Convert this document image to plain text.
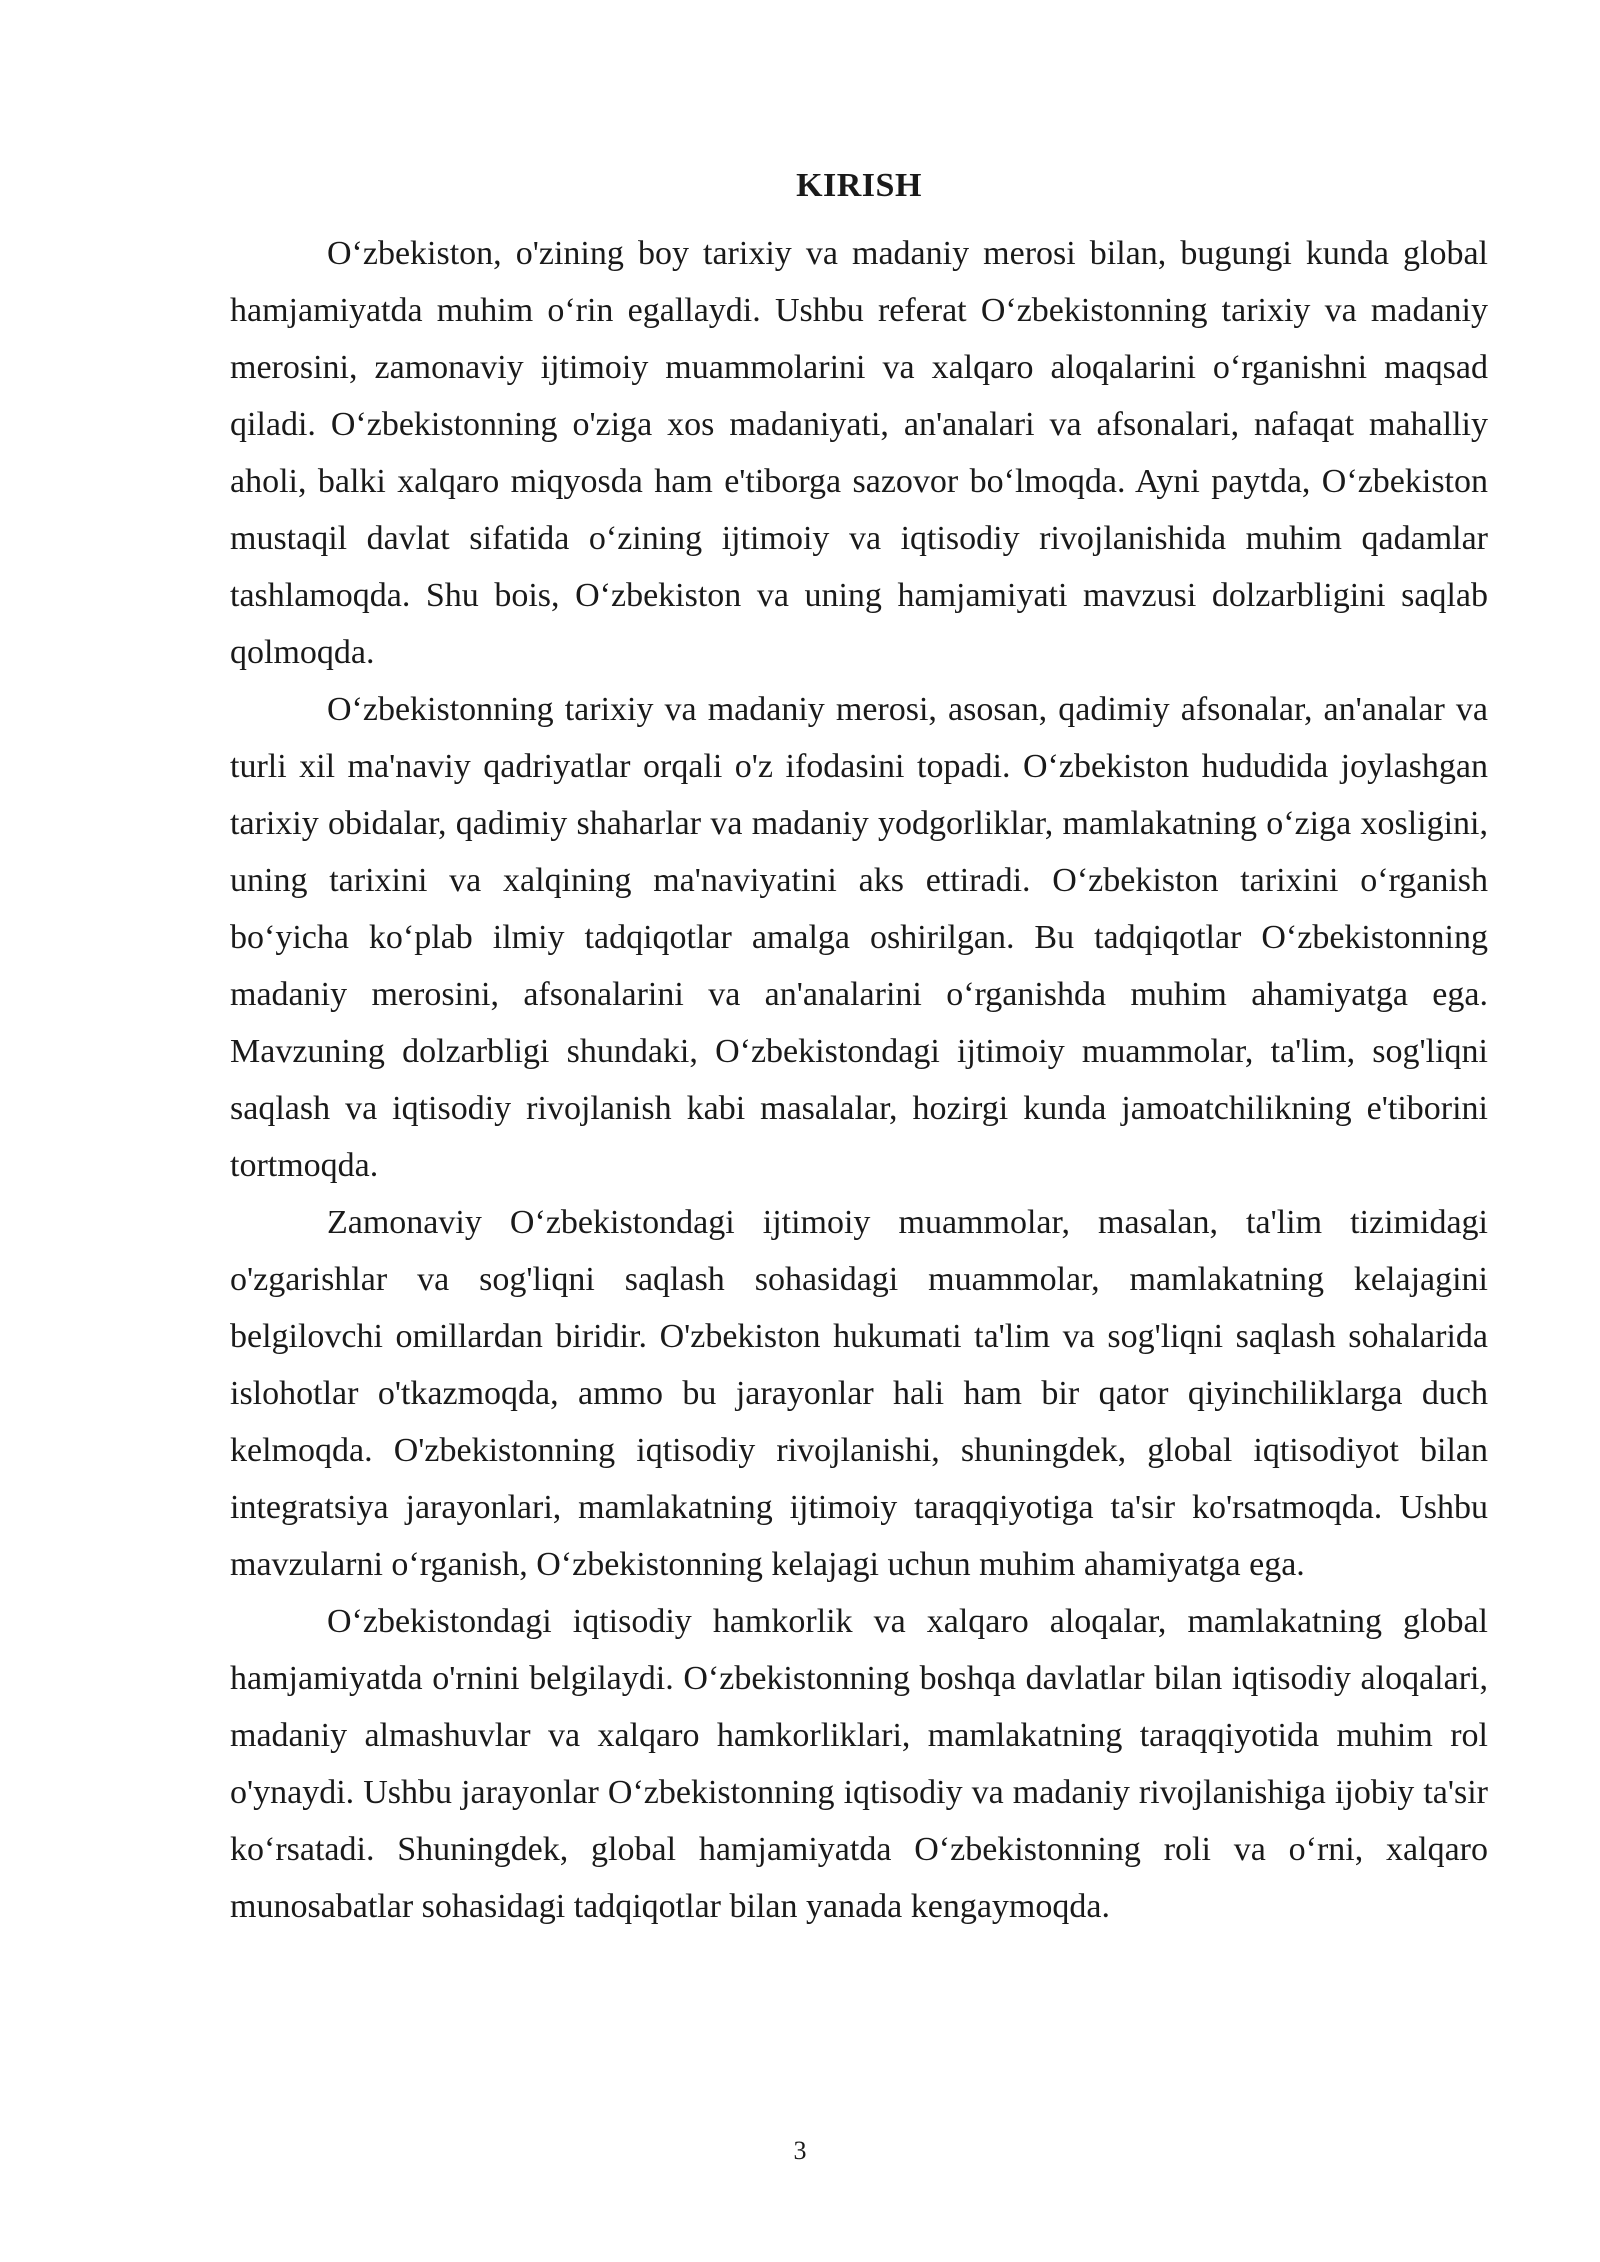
KIRISH

O‘zbekiston, o'zining boy tarixiy va madaniy merosi bilan, bugungi kunda global hamjamiyatda muhim o‘rin egallaydi. Ushbu referat O‘zbekistonning tarixiy va madaniy merosini, zamonaviy ijtimoiy muammolarini va xalqaro aloqalarini o‘rganishni maqsad qiladi. O‘zbekistonning o'ziga xos madaniyati, an'analari va afsonalari, nafaqat mahalliy aholi, balki xalqaro miqyosda ham e'tiborga sazovor bo‘lmoqda. Ayni paytda, O‘zbekiston mustaqil davlat sifatida o‘zining ijtimoiy va iqtisodiy rivojlanishida muhim qadamlar tashlamoqda. Shu bois, O‘zbekiston va uning hamjamiyati mavzusi dolzarbligini saqlab qolmoqda.

O‘zbekistonning tarixiy va madaniy merosi, asosan, qadimiy afsonalar, an'analar va turli xil ma'naviy qadriyatlar orqali o'z ifodasini topadi. O‘zbekiston hududida joylashgan tarixiy obidalar, qadimiy shaharlar va madaniy yodgorliklar, mamlakatning o‘ziga xosligini, uning tarixini va xalqining ma'naviyatini aks ettiradi. O‘zbekiston tarixini o‘rganish bo‘yicha ko‘plab ilmiy tadqiqotlar amalga oshirilgan. Bu tadqiqotlar O‘zbekistonning madaniy merosini, afsonalarini va an'analarini o‘rganishda muhim ahamiyatga ega. Mavzuning dolzarbligi shundaki, O‘zbekistondagi ijtimoiy muammolar, ta'lim, sog'liqni saqlash va iqtisodiy rivojlanish kabi masalalar, hozirgi kunda jamoatchilikning e'tiborini tortmoqda.

Zamonaviy O‘zbekistondagi ijtimoiy muammolar, masalan, ta'lim tizimidagi o'zgarishlar va sog'liqni saqlash sohasidagi muammolar, mamlakatning kelajagini belgilovchi omillardan biridir. O'zbekiston hukumati ta'lim va sog'liqni saqlash sohalarida islohotlar o'tkazmoqda, ammo bu jarayonlar hali ham bir qator qiyinchiliklarga duch kelmoqda. O'zbekistonning iqtisodiy rivojlanishi, shuningdek, global iqtisodiyot bilan integratsiya jarayonlari, mamlakatning ijtimoiy taraqqiyotiga ta'sir ko'rsatmoqda. Ushbu mavzularni o‘rganish, O‘zbekistonning kelajagi uchun muhim ahamiyatga ega.

O‘zbekistondagi iqtisodiy hamkorlik va xalqaro aloqalar, mamlakatning global hamjamiyatda o'rnini belgilaydi. O‘zbekistonning boshqa davlatlar bilan iqtisodiy aloqalari, madaniy almashuvlar va xalqaro hamkorliklari, mamlakatning taraqqiyotida muhim rol o'ynaydi. Ushbu jarayonlar O‘zbekistonning iqtisodiy va madaniy rivojlanishiga ijobiy ta'sir ko‘rsatadi. Shuningdek, global hamjamiyatda O‘zbekistonning roli va o‘rni, xalqaro munosabatlar sohasidagi tadqiqotlar bilan yanada kengaymoqda.

3
